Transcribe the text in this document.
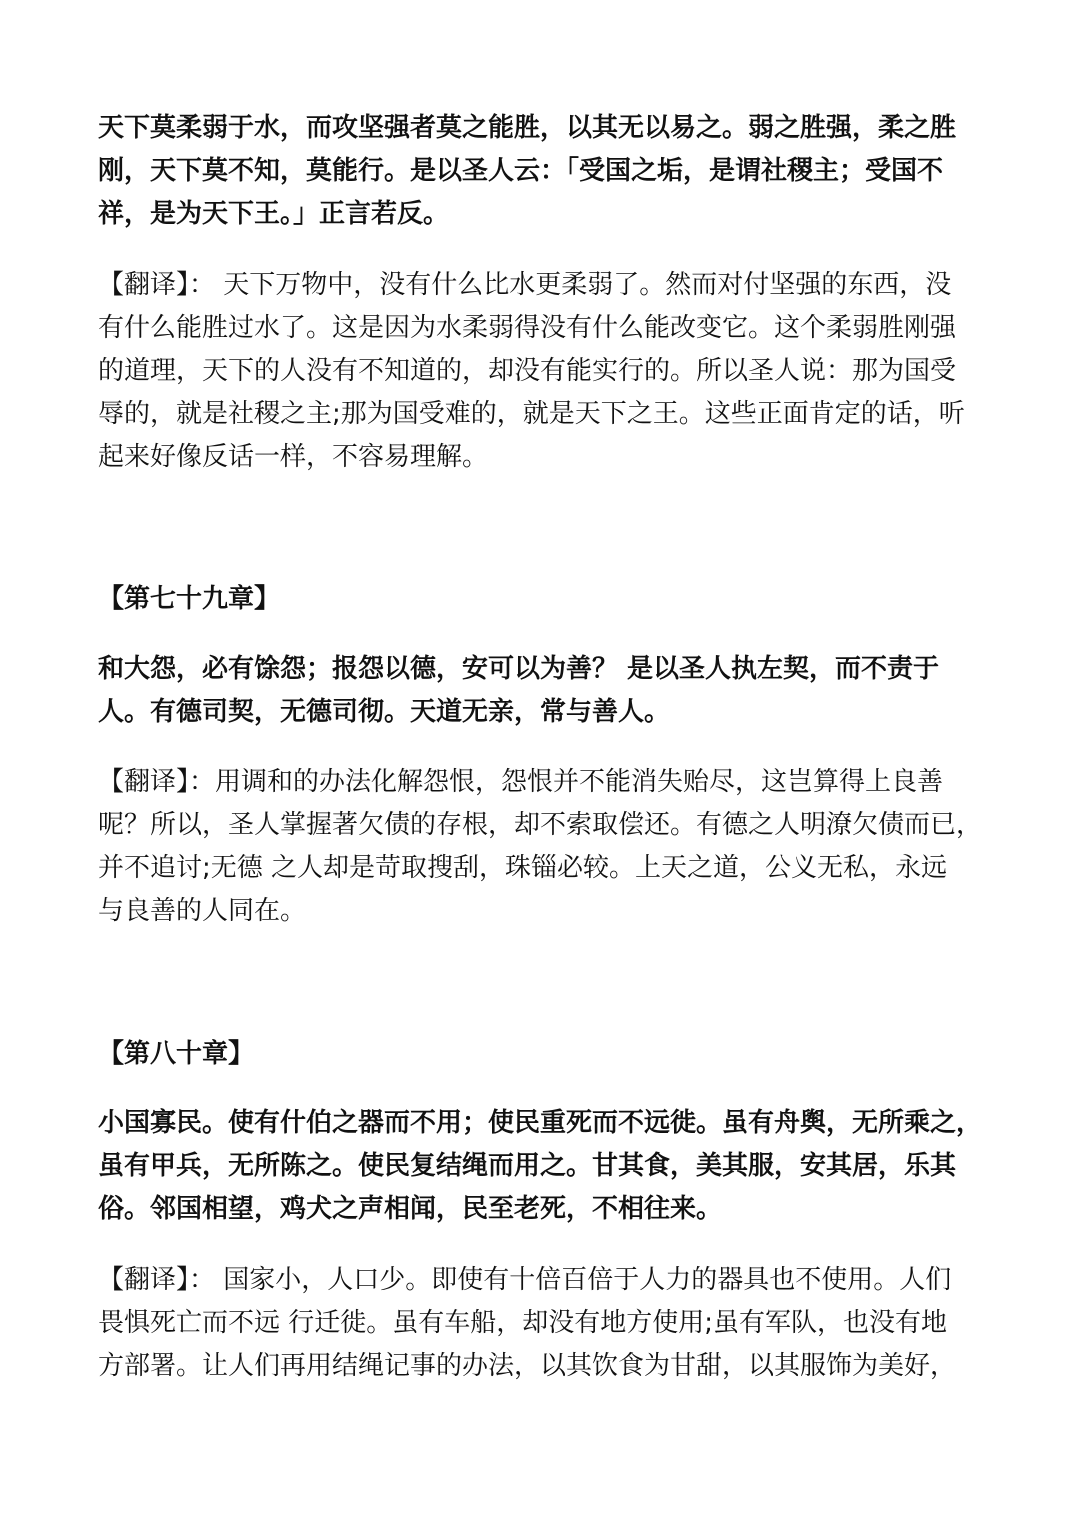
天下莫柔弱于水，而攻坚强者莫之能胜，以其无以易之。弱之胜强，柔之胜
刚，天下莫不知，莫能行。是以圣人云：「受国之垢，是谓社稷主；受国不
祥，是为天下王。」正言若反。
【翻译】： 天下万物中，没有什么比水更柔弱了。然而对付坚强的东西，没
有什么能胜过水了。这是因为水柔弱得没有什么能改变它。这个柔弱胜刚强
的道理，天下的人没有不知道的，却没有能实行的。所以圣人说：那为国受
辱的，就是社稷之主;那为国受难的，就是天下之王。这些正面肯定的话，听
起来好像反话一样，不容易理解。
【第七十九章】
和大怨，必有馀怨；报怨以德，安可以为善？ 是以圣人执左契，而不责于
人。有德司契，无德司彻。天道无亲，常与善人。
【翻译】：用调和的办法化解怨恨，怨恨并不能消失贻尽，这岂算得上良善
呢？所以，圣人掌握著欠债的存根，却不索取偿还。有德之人明潦欠债而已，
并不追讨;无德 之人却是苛取搜刮，珠锱必较。上天之道，公义无私，永远
与良善的人同在。
【第八十章】
小国寡民。使有什伯之器而不用；使民重死而不远徙。虽有舟舆，无所乘之，
虽有甲兵，无所陈之。使民复结绳而用之。甘其食，美其服，安其居，乐其
俗。邻国相望，鸡犬之声相闻，民至老死，不相往来。
【翻译】： 国家小，人口少。即使有十倍百倍于人力的器具也不使用。人们
畏惧死亡而不远 行迁徙。虽有车船，却没有地方使用;虽有军队，也没有地
方部署。让人们再用结绳记事的办法，以其饮食为甘甜，以其服饰为美好，
